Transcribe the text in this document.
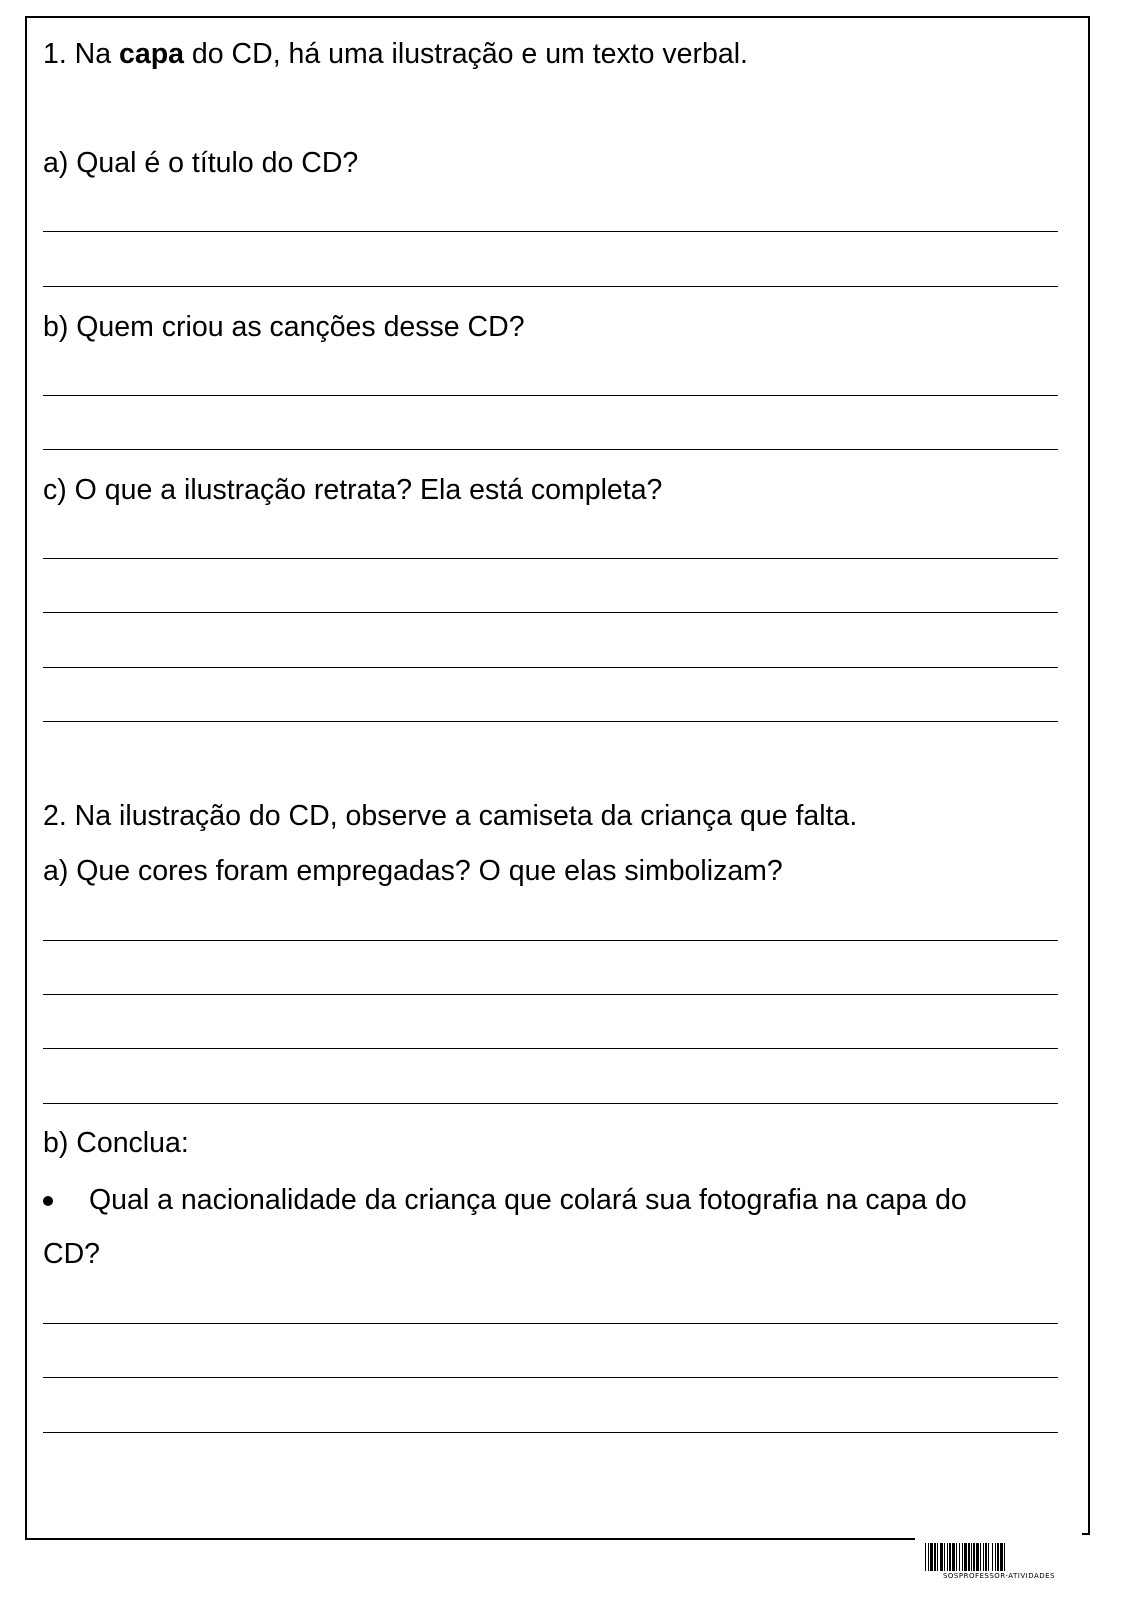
1. Na capa do CD, há uma ilustração e um texto verbal.
a) Qual é o título do CD?
b) Quem criou as canções desse CD?
c) O que a ilustração retrata? Ela está completa?
2. Na ilustração do CD, observe a camiseta da criança que falta.
a) Que cores foram empregadas? O que elas simbolizam?
b) Conclua:
Qual a nacionalidade da criança que colará sua fotografia na capa do
CD?
SOSPROFESSOR-ATIVIDADES
